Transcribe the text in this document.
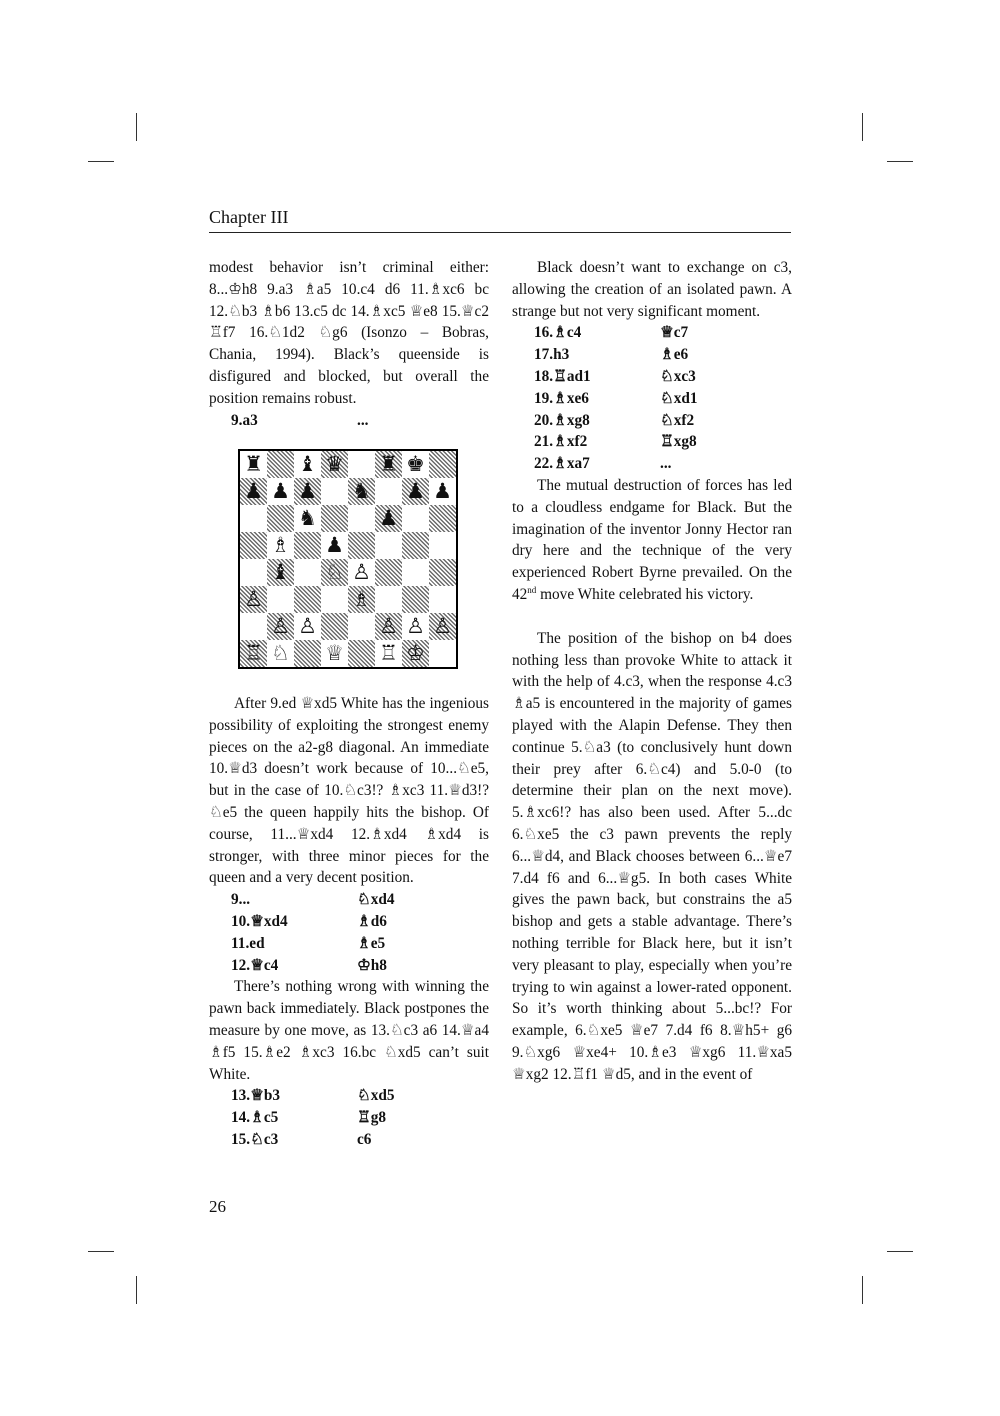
Chapter III

modest behavior isn’t criminal either: 8...♔h8 9.a3 ♗a5 10.c4 d6 11.♗xc6 bc 12.♘b3 ♗b6 13.c5 dc 14.♗xc5 ♕e8 15.♕c2 ♖f7 16.♘1d2 ♘g6 (Isonzo – Bobras, Chania, 1994). Black’s queenside is disfigured and blocked, but overall the position remains robust.

9.a3	...
♜ ♝ ♛ ♜ ♚
♟ ♟ ♟ ♞ ♟ ♟
♞	♟
♗ ♟
♝ ♘ ♙
♙	♗
♙ ♙	♙ ♙ ♙
♖ ♘ ♕ ♖ ♔

After 9.ed ♕xd5 White has the ingenious possibility of exploiting the strongest enemy pieces on the a2-g8 diagonal. An immediate 10.♕d3 doesn’t work because of 10...♘e5, but in the case of 10.♘c3!? ♗xc3 11.♕d3!? ♘e5 the queen happily hits the bishop. Of course, 11...♕xd4 12.♗xd4 ♗xd4 is stronger, with three minor pieces for the queen and a very decent position.

9...	♘xd4
10.♕xd4	♗d6
11.ed	♗e5
12.♕c4	♔h8

There’s nothing wrong with winning the pawn back immediately. Black postpones the measure by one move, as 13.♘c3 a6 14.♕a4 ♗f5 15.♗e2 ♗xc3 16.bc ♘xd5 can’t suit White.

13.♕b3	♘xd5
14.♗c5	♖g8
15.♘c3	c6

Black doesn’t want to exchange on c3, allowing the creation of an isolated pawn. A strange but not very significant moment.

16.♗c4	♕c7
17.h3	♗e6
18.♖ad1	♘xc3
19.♗xe6	♘xd1
20.♗xg8	♘xf2
21.♗xf2	♖xg8
22.♗xa7	...

The mutual destruction of forces has led to a cloudless endgame for Black. But the imagination of the inventor Jonny Hector ran dry here and the technique of the very experienced Robert Byrne prevailed. On the 42nd move White celebrated his victory.

The position of the bishop on b4 does nothing less than provoke White to attack it with the help of 4.c3, when the response 4.c3 ♗a5 is encountered in the majority of games played with the Alapin Defense. They then continue 5.♘a3 (to conclusively hunt down their prey after 6.♘c4) and 5.0-0 (to determine their plan on the next move). 5.♗xc6!? has also been used. After 5...dc 6.♘xe5 the c3 pawn prevents the reply 6...♕d4, and Black chooses between 6...♕e7 7.d4 f6 and 6...♕g5. In both cases White gives the pawn back, but constrains the a5 bishop and gets a stable advantage. There’s nothing terrible for Black here, but it isn’t very pleasant to play, especially when you’re trying to win against a lower-rated opponent. So it’s worth thinking about 5...bc!? For example, 6.♘xe5 ♕e7 7.d4 f6 8.♕h5+ g6 9.♘xg6 ♕xe4+ 10.♗e3 ♕xg6 11.♕xa5 ♕xg2 12.♖f1 ♕d5, and in the event of

26
